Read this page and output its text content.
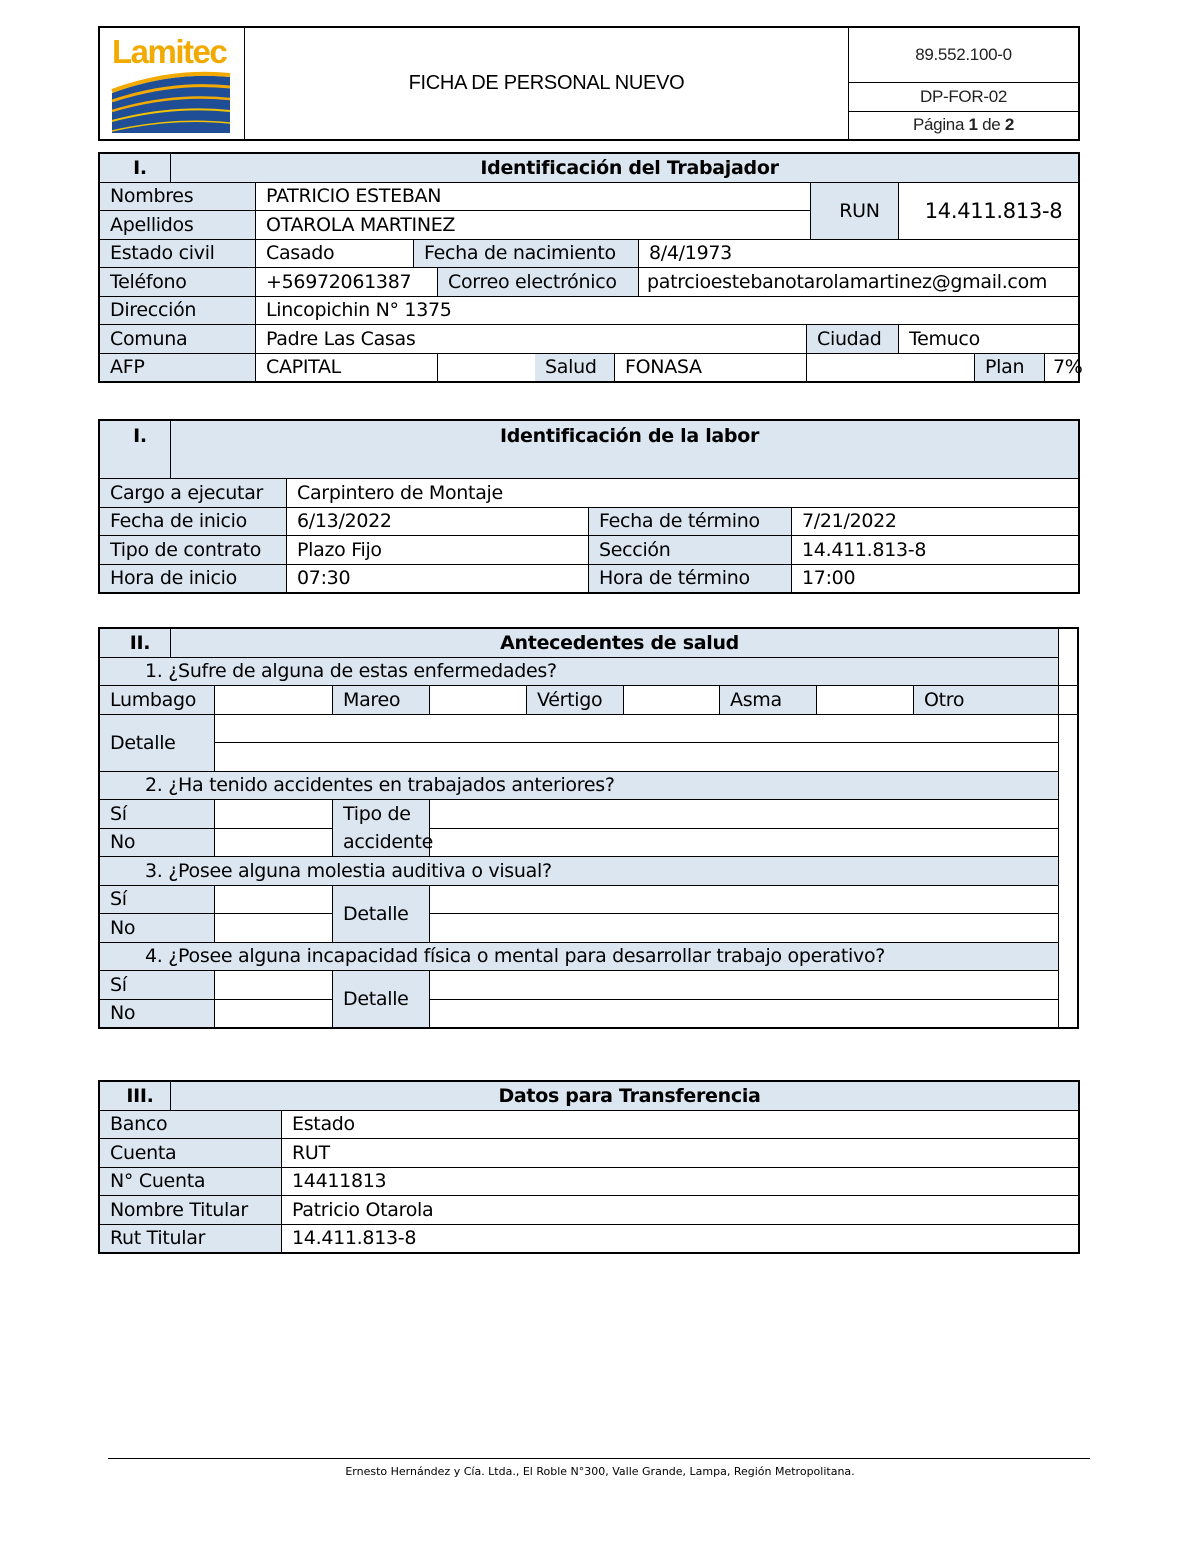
Lamitec
	FICHA DE PERSONAL NUEVO	89.552.100-0
DP-FOR-02
Página 1 de 2
I.	Identificación del Trabajador									
Nombres		PATRICIO ESTEBAN					RUN	14.411.813-8		
Apellidos		OTAROLA MARTINEZ								
Estado civil		Casado	Fecha de nacimiento		8/4/1973					
Teléfono		+56972061387		Correo electrónico	patrcioestebanotarolamartinez@gmail.com					
Dirección		Lincopichin N° 1375								
Comuna		Padre Las Casas				Ciudad		Temuco		
AFP		CAPITAL		Salud FONASA					Plan	7%
I.	Identificación de la labor			
Cargo a ejecutar		Carpintero de Montaje		
Fecha de inicio		6/13/2022	Fecha de término	7/21/2022
Tipo de contrato		Plazo Fijo	Sección	14.411.813-8
Hora de inicio		07:30	Hora de término	17:00
II.	Antecedentes de salud									
1. ¿Sufre de alguna de estas enfermedades?										
Lumbago			Mareo		Vértigo		Asma		Otro	
Detalle										

2. ¿Ha tenido accidentes en trabajados anteriores?										
Sí			Tipo de
accidente							
No										
3. ¿Posee alguna molestia auditiva o visual?										
Sí			Detalle							
No										
4. ¿Posee alguna incapacidad física o mental para desarrollar trabajo operativo?										
Sí			Detalle							
No										
III.	Datos para Transferencia	
Banco		Estado
Cuenta		RUT
N° Cuenta		14411813
Nombre Titular		Patricio Otarola
Rut Titular		14.411.813-8
Ernesto Hernández y Cía. Ltda., El Roble N°300, Valle Grande, Lampa, Región Metropolitana.
